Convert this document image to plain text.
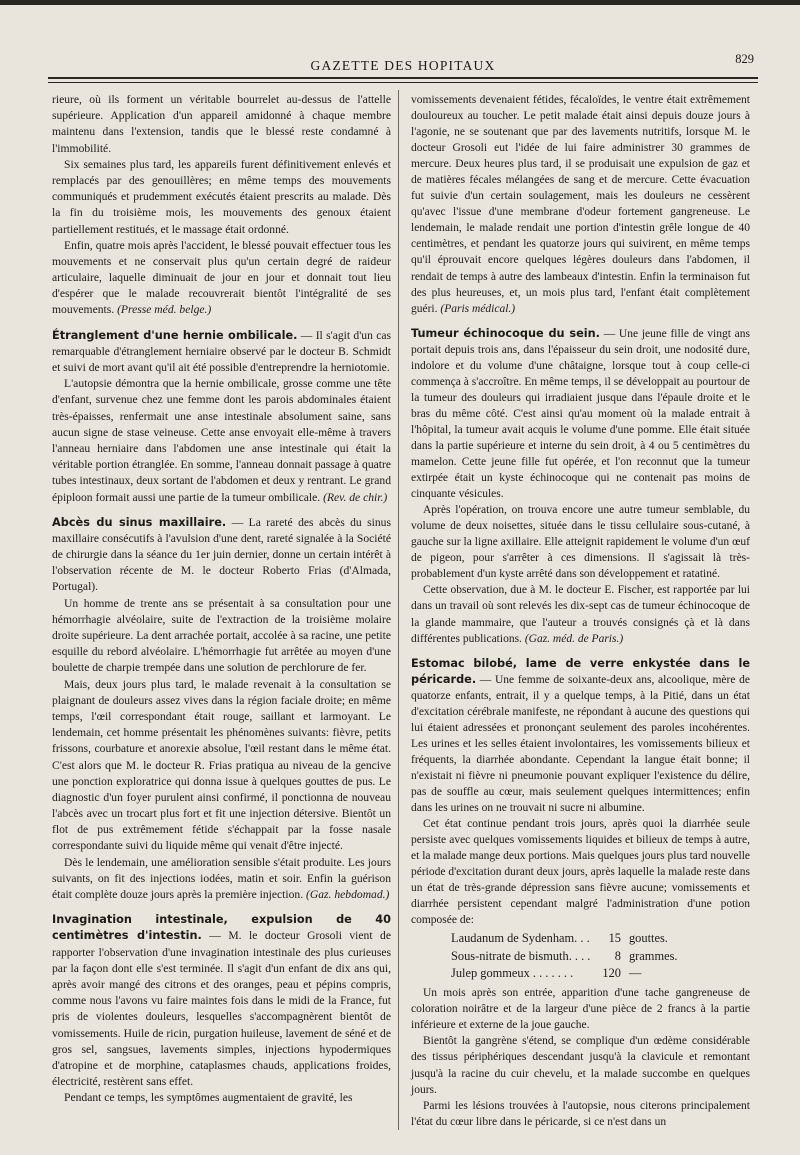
GAZETTE DES HOPITAUX	829

rieure, où ils forment un véritable bourrelet au-dessus de l'attelle supérieure. Application d'un appareil amidonné à chaque membre maintenu dans l'extension, tandis que le blessé reste condamné à l'immobilité.

Six semaines plus tard, les appareils furent définitivement enlevés et remplacés par des genouillères; en même temps des mouvements communiqués et prudemment exécutés étaient prescrits au malade. Dès la fin du troisième mois, les mouvements des genoux étaient partiellement restitués, et le massage était ordonné.

Enfin, quatre mois après l'accident, le blessé pouvait effectuer tous les mouvements et ne conservait plus qu'un certain degré de raideur articulaire, laquelle diminuait de jour en jour et donnait tout lieu d'espérer que le malade recouvrerait bientôt l'intégralité de ses mouvements. (Presse méd. belge.)

Étranglement d'une hernie ombilicale. — Il s'agit d'un cas remarquable d'étranglement herniaire observé par le docteur B. Schmidt et suivi de mort avant qu'il ait été possible d'entreprendre la herniotomie.

L'autopsie démontra que la hernie ombilicale, grosse comme une tête d'enfant, survenue chez une femme dont les parois abdominales étaient très-épaisses, renfermait une anse intestinale absolument saine, sans aucun signe de stase veineuse. Cette anse envoyait elle-même à travers l'anneau herniaire dans l'abdomen une anse intestinale qui était la véritable portion étranglée. En somme, l'anneau donnait passage à quatre tubes intestinaux, deux sortant de l'abdomen et deux y rentrant. Le grand épiploon formait aussi une partie de la tumeur ombilicale. (Rev. de chir.)

Abcès du sinus maxillaire. — La rareté des abcès du sinus maxillaire consécutifs à l'avulsion d'une dent, rareté signalée à la Société de chirurgie dans la séance du 1er juin dernier, donne un certain intérêt à l'observation récente de M. le docteur Roberto Frias (d'Almada, Portugal).

Un homme de trente ans se présentait à sa consultation pour une hémorrhagie alvéolaire, suite de l'extraction de la troisième molaire droite supérieure. La dent arrachée portait, accolée à sa racine, une petite esquille du rebord alvéolaire. L'hémorrhagie fut arrêtée au moyen d'une boulette de charpie trempée dans une solution de perchlorure de fer.

Mais, deux jours plus tard, le malade revenait à la consultation se plaignant de douleurs assez vives dans la région faciale droite; en même temps, l'œil correspondant était rouge, saillant et larmoyant. Le lendemain, cet homme présentait les phénomènes suivants: fièvre, petits frissons, courbature et anorexie absolue, l'œil restant dans le même état. C'est alors que M. le docteur R. Frias pratiqua au niveau de la gencive une ponction exploratrice qui donna issue à quelques gouttes de pus. Le diagnostic d'un foyer purulent ainsi confirmé, il ponctionna de nouveau l'abcès avec un trocart plus fort et fit une injection détersive. Bientôt un flot de pus extrêmement fétide s'échappait par la fosse nasale correspondante suivi du liquide même qui venait d'être injecté.

Dès le lendemain, une amélioration sensible s'était produite. Les jours suivants, on fit des injections iodées, matin et soir. Enfin la guérison était complète douze jours après la première injection. (Gaz. hebdomad.)

Invagination intestinale, expulsion de 40 centimètres d'intestin. — M. le docteur Grosoli vient de rapporter l'observation d'une invagination intestinale des plus curieuses par la façon dont elle s'est terminée. Il s'agit d'un enfant de dix ans qui, après avoir mangé des citrons et des oranges, peau et pépins compris, comme nous l'avons vu faire maintes fois dans le midi de la France, fut pris de violentes douleurs, lesquelles s'accompagnèrent bientôt de vomissements. Huile de ricin, purgation huileuse, lavement de séné et de gros sel, sangsues, lavements simples, injections hypodermiques d'atropine et de morphine, cataplasmes chauds, applications froides, électricité, restèrent sans effet.

Pendant ce temps, les symptômes augmentaient de gravité, les

vomissements devenaient fétides, fécaloïdes, le ventre était extrêmement douloureux au toucher. Le petit malade était ainsi depuis douze jours à l'agonie, ne se soutenant que par des lavements nutritifs, lorsque M. le docteur Grosoli eut l'idée de lui faire administrer 30 grammes de mercure. Deux heures plus tard, il se produisait une expulsion de gaz et de matières fécales mélangées de sang et de mercure. Cette évacuation fut suivie d'un certain soulagement, mais les douleurs ne cessèrent qu'avec l'issue d'une membrane d'odeur fortement gangreneuse. Le lendemain, le malade rendait une portion d'intestin grêle longue de 40 centimètres, et pendant les quatorze jours qui suivirent, en même temps qu'il éprouvait encore quelques légères douleurs dans l'abdomen, il rendait de temps à autre des lambeaux d'intestin. Enfin la terminaison fut des plus heureuses, et, un mois plus tard, l'enfant était complètement guéri. (Paris médical.)

Tumeur échinocoque du sein. — Une jeune fille de vingt ans portait depuis trois ans, dans l'épaisseur du sein droit, une nodosité dure, indolore et du volume d'une châtaigne, lorsque tout à coup celle-ci commença à s'accroître. En même temps, il se développait au pourtour de la tumeur des douleurs qui irradiaient jusque dans l'épaule droite et le bras du même côté. C'est ainsi qu'au moment où la malade entrait à l'hôpital, la tumeur avait acquis le volume d'une pomme. Elle était située dans la partie supérieure et interne du sein droit, à 4 ou 5 centimètres du mamelon. Cette jeune fille fut opérée, et l'on reconnut que la tumeur extirpée était un kyste échinocoque qui ne contenait pas moins de cinquante vésicules.

Après l'opération, on trouva encore une autre tumeur semblable, du volume de deux noisettes, située dans le tissu cellulaire sous-cutané, à gauche sur la ligne axillaire. Elle atteignit rapidement le volume d'un œuf de pigeon, pour s'arrêter à ces dimensions. Il s'agissait là très-probablement d'un kyste arrêté dans son développement et ratatiné.

Cette observation, due à M. le docteur E. Fischer, est rapportée par lui dans un travail où sont relevés les dix-sept cas de tumeur échinocoque de la glande mammaire, que l'auteur a trouvés consignés çà et là dans différentes publications. (Gaz. méd. de Paris.)

Estomac bilobé, lame de verre enkystée dans le péricarde. — Une femme de soixante-deux ans, alcoolique, mère de quatorze enfants, entrait, il y a quelque temps, à la Pitié, dans un état d'excitation cérébrale manifeste, ne répondant à aucune des questions qui lui étaient adressées et prononçant seulement des paroles incohérentes. Les urines et les selles étaient involontaires, les vomissements bilieux et fréquents, la diarrhée abondante. Cependant la langue était bonne; il n'existait ni fièvre ni pneumonie pouvant expliquer l'existence du délire, pas de souffle au cœur, mais seulement quelques intermittences; enfin dans les urines on ne trouvait ni sucre ni albumine.

Cet état continue pendant trois jours, après quoi la diarrhée seule persiste avec quelques vomissements liquides et bilieux de temps à autre, et la malade mange deux portions. Mais quelques jours plus tard nouvelle période d'excitation durant deux jours, après laquelle la malade reste dans un état de très-grande dépression sans fièvre aucune; vomissements et diarrhée persistent cependant malgré l'administration d'une potion composée de:

Laudanum de Sydenham. . .	15	gouttes.
Sous-nitrate de bismuth. . . .	8	grammes.
Julep gommeux . . . . . . .	120	—

Un mois après son entrée, apparition d'une tache gangreneuse de coloration noirâtre et de la largeur d'une pièce de 2 francs à la partie inférieure et externe de la joue gauche.

Bientôt la gangrène s'étend, se complique d'un œdème considérable des tissus périphériques descendant jusqu'à la clavicule et remontant jusqu'à la racine du cuir chevelu, et la malade succombe en quelques jours.

Parmi les lésions trouvées à l'autopsie, nous citerons principalement l'état du cœur libre dans le péricarde, si ce n'est dans un
